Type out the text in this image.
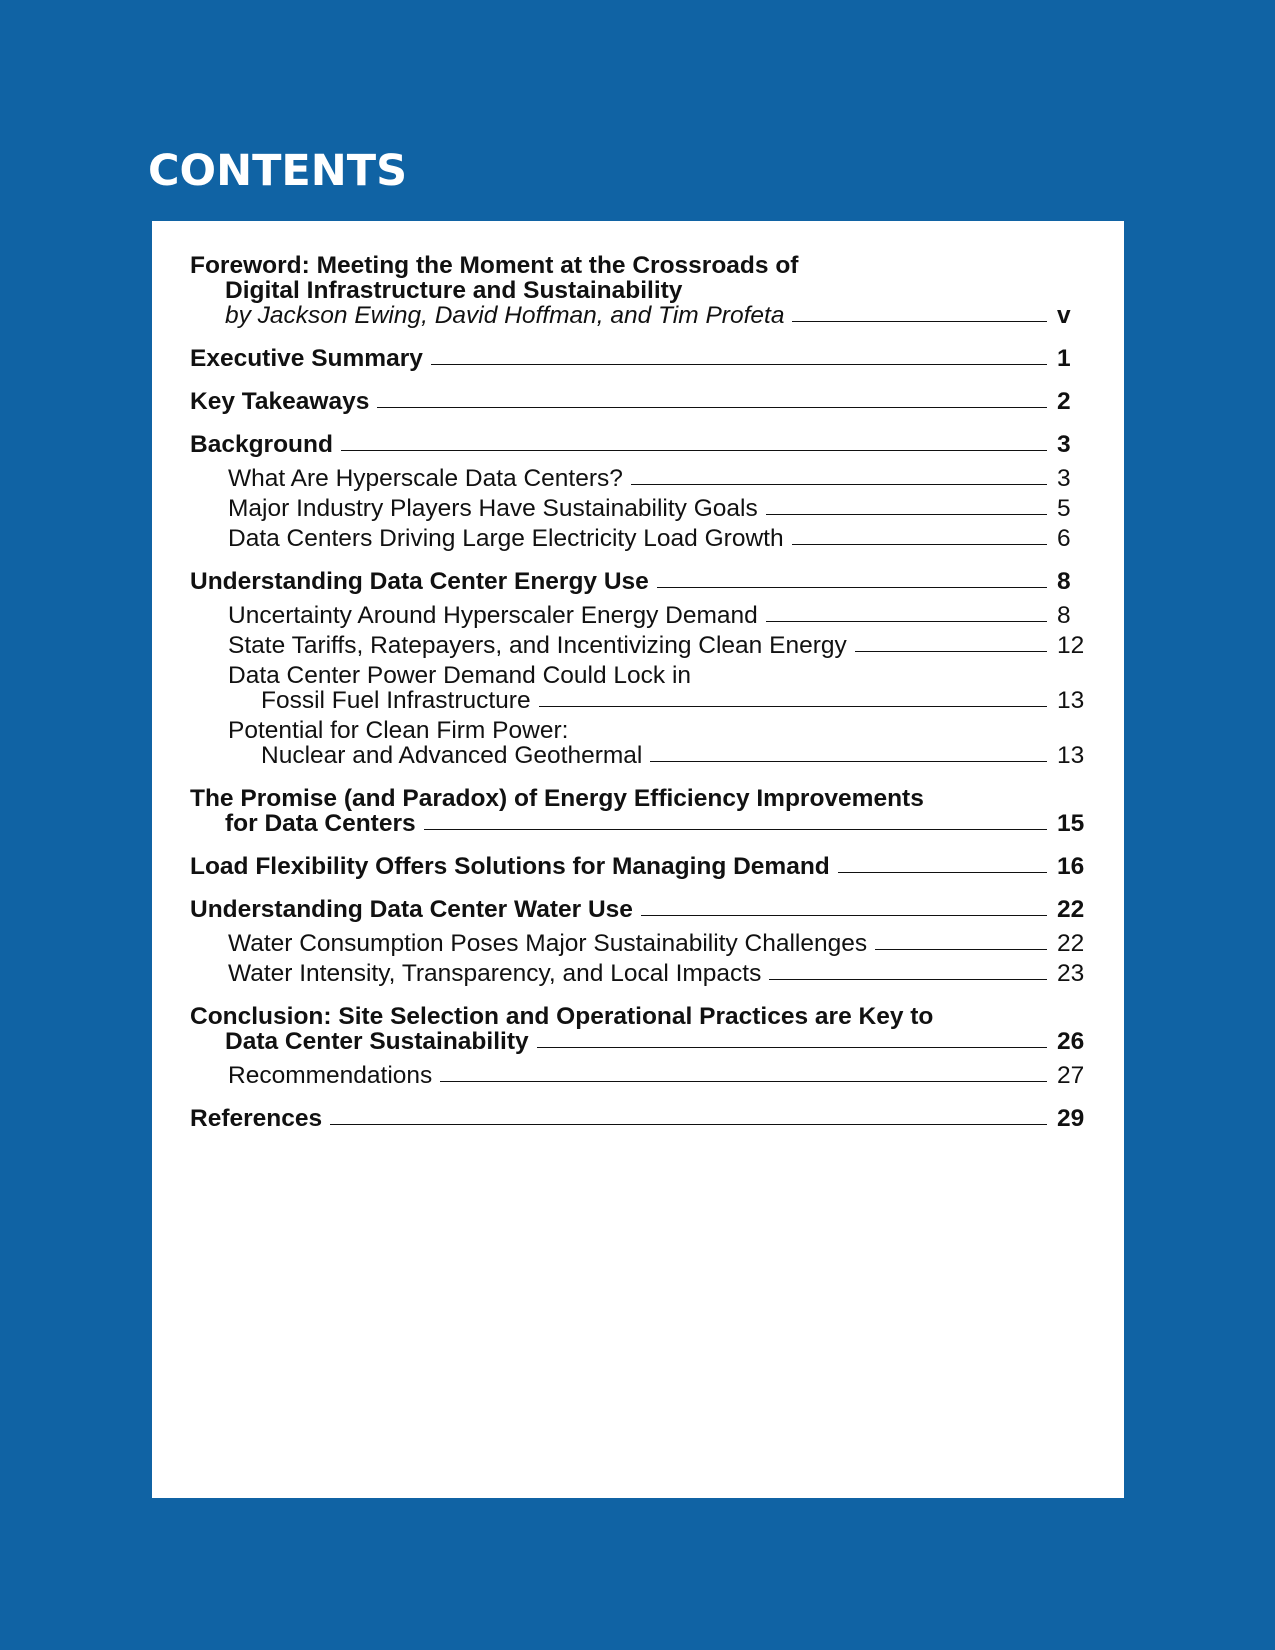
CONTENTS
Foreword: Meeting the Moment at the Crossroads of
Digital Infrastructure and Sustainability
by Jackson Ewing, David Hoffman, and Tim Profeta	v
Executive Summary	1
Key Takeaways	2
Background	3
What Are Hyperscale Data Centers?	3
Major Industry Players Have Sustainability Goals	5
Data Centers Driving Large Electricity Load Growth	6
Understanding Data Center Energy Use	8
Uncertainty Around Hyperscaler Energy Demand	8
State Tariffs, Ratepayers, and Incentivizing Clean Energy	12
Data Center Power Demand Could Lock in
Fossil Fuel Infrastructure	13
Potential for Clean Firm Power:
Nuclear and Advanced Geothermal	13
The Promise (and Paradox) of Energy Efficiency Improvements
for Data Centers	15
Load Flexibility Offers Solutions for Managing Demand	16
Understanding Data Center Water Use	22
Water Consumption Poses Major Sustainability Challenges	22
Water Intensity, Transparency, and Local Impacts	23
Conclusion: Site Selection and Operational Practices are Key to
Data Center Sustainability	26
Recommendations	27
References	29
